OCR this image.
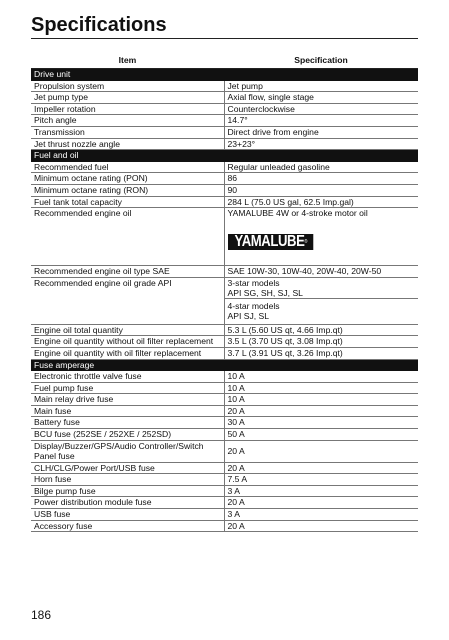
Specifications
Item	Specification
Drive unit	
Propulsion system	Jet pump
Jet pump type	Axial flow, single stage
Impeller rotation	Counterclockwise
Pitch angle	14.7°
Transmission	Direct drive from engine
Jet thrust nozzle angle	23+23°
Fuel and oil	
Recommended fuel	Regular unleaded gasoline
Minimum octane rating (PON)	86
Minimum octane rating (RON)	90
Fuel tank total capacity	284 L (75.0 US gal, 62.5 Imp.gal)
Recommended engine oil	YAMALUBE 4W or 4-stroke motor oil
YAMALUBE®
Recommended engine oil type SAE	SAE 10W-30, 10W-40, 20W-40, 20W-50
Recommended engine oil grade API	3-star models
API SG, SH, SJ, SL
4-star models
API SJ, SL

Engine oil total quantity	5.3 L (5.60 US qt, 4.66 Imp.qt)
Engine oil quantity without oil filter replacement	3.5 L (3.70 US qt, 3.08 Imp.qt)
Engine oil quantity with oil filter replacement	3.7 L (3.91 US qt, 3.26 Imp.qt)
Fuse amperage	
Electronic throttle valve fuse	10 A
Fuel pump fuse	10 A
Main relay drive fuse	10 A
Main fuse	20 A
Battery fuse	30 A
BCU fuse (252SE / 252XE / 252SD)	50 A

Display/Buzzer/GPS/Audio Controller/Switch
Panel fuse	20 A
CLH/CLG/Power Port/USB fuse	20 A
Horn fuse	7.5 A
Bilge pump fuse	3 A
Power distribution module fuse	20 A
USB fuse	3 A
Accessory fuse	20 A
186
